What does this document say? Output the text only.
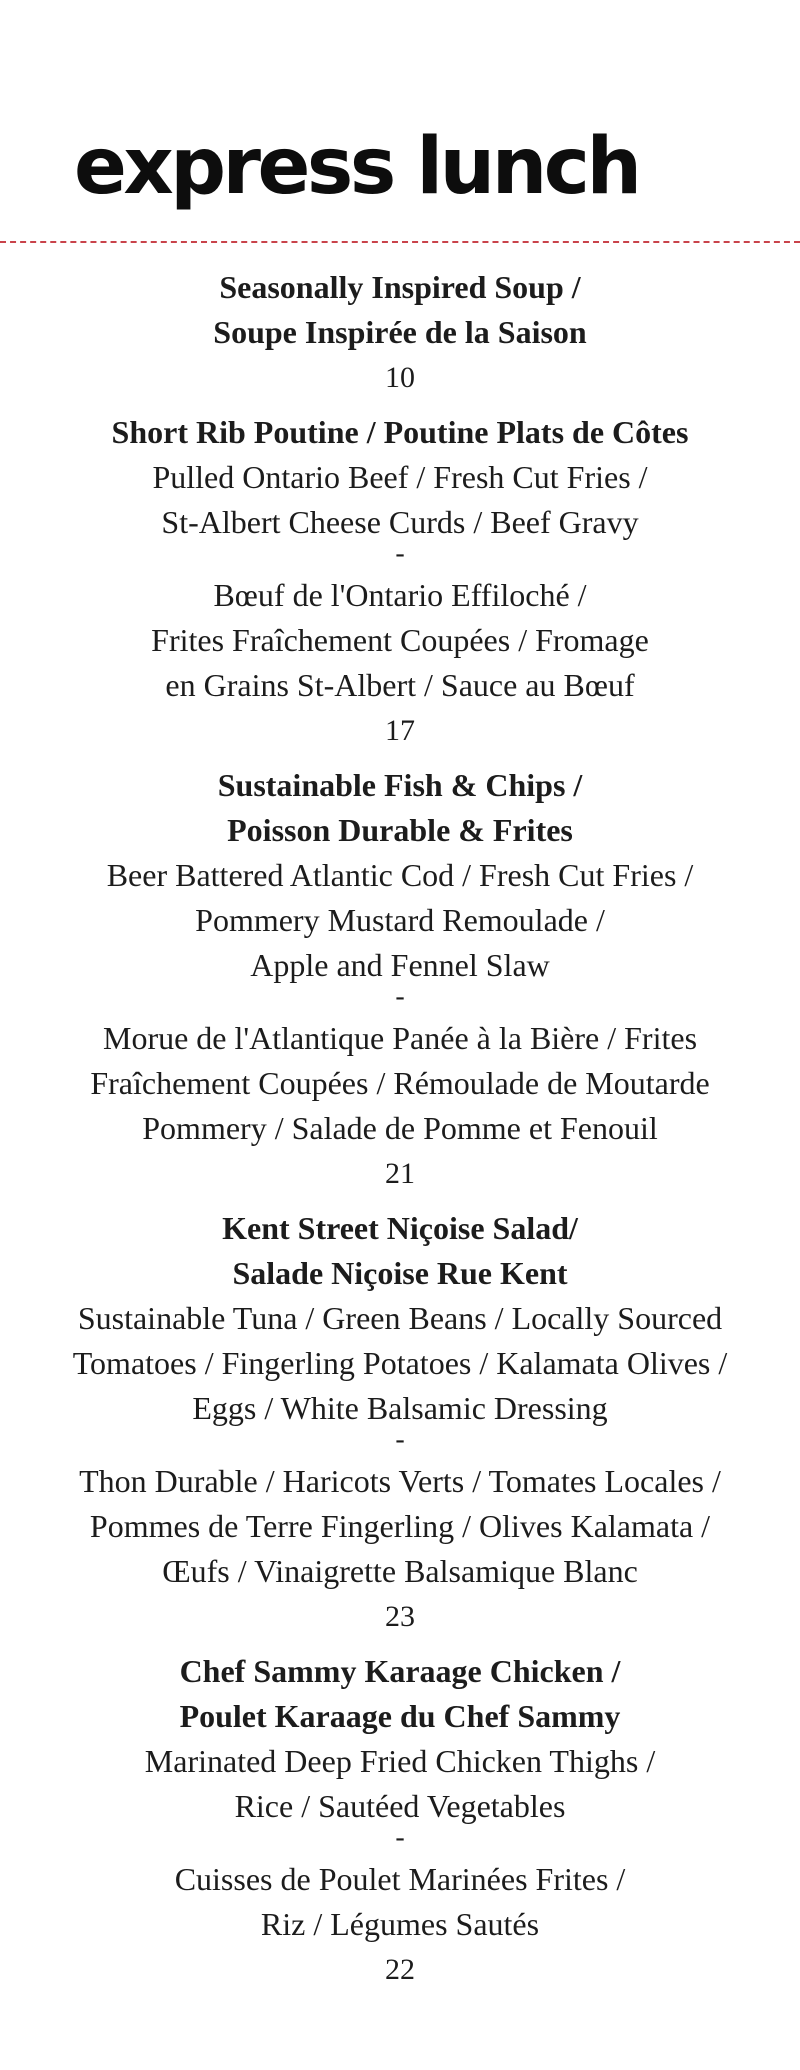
express lunch
Seasonally Inspired Soup /
Soupe Inspirée de la Saison
10
Short Rib Poutine / Poutine Plats de Côtes
Pulled Ontario Beef / Fresh Cut Fries /
St-Albert Cheese Curds / Beef Gravy
-
Bœuf de l'Ontario Effiloché /
Frites Fraîchement Coupées / Fromage
en Grains St-Albert / Sauce au Bœuf
17
Sustainable Fish & Chips /
Poisson Durable & Frites
Beer Battered Atlantic Cod / Fresh Cut Fries /
Pommery Mustard Remoulade /
Apple and Fennel Slaw
-
Morue de l'Atlantique Panée à la Bière / Frites
Fraîchement Coupées / Rémoulade de Moutarde
Pommery / Salade de Pomme et Fenouil
21
Kent Street Niçoise Salad/
Salade Niçoise Rue Kent
Sustainable Tuna / Green Beans / Locally Sourced
Tomatoes / Fingerling Potatoes / Kalamata Olives /
Eggs / White Balsamic Dressing
-
Thon Durable / Haricots Verts / Tomates Locales /
Pommes de Terre Fingerling / Olives Kalamata /
Œufs / Vinaigrette Balsamique Blanc
23
Chef Sammy Karaage Chicken /
Poulet Karaage du Chef Sammy
Marinated Deep Fried Chicken Thighs /
Rice / Sautéed Vegetables
-
Cuisses de Poulet Marinées Frites /
Riz / Légumes Sautés
22
